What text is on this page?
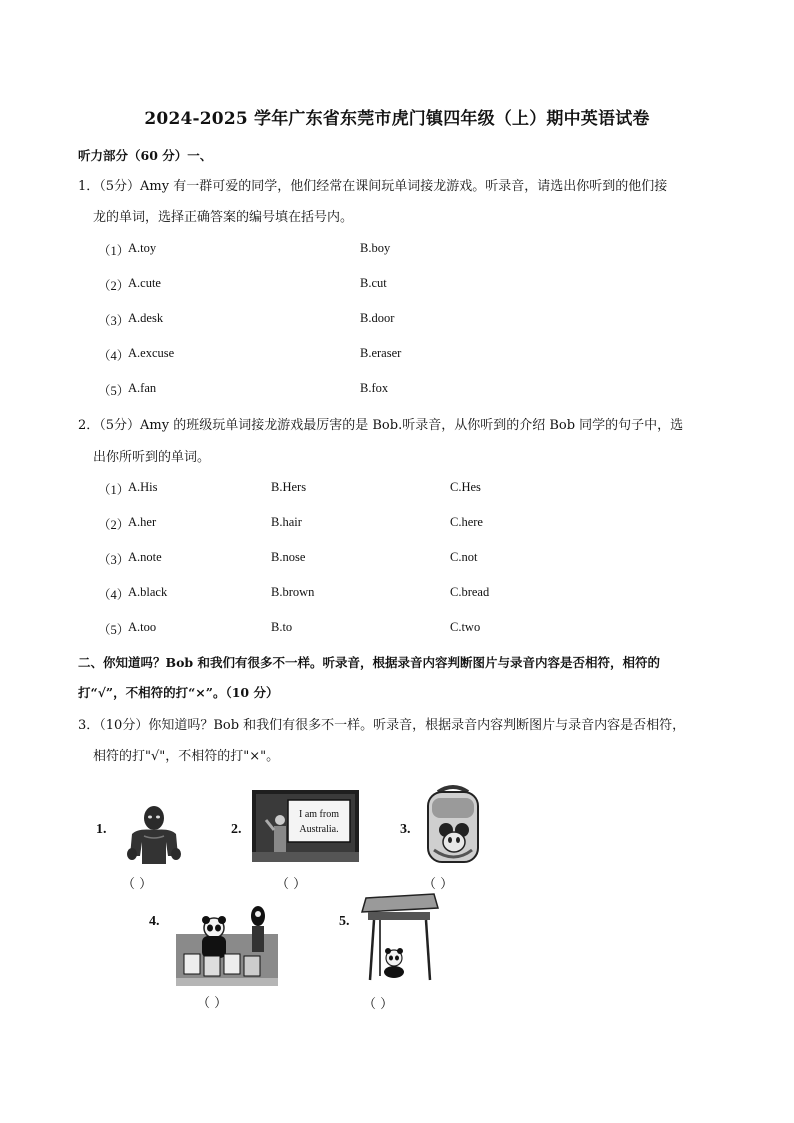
2024-2025 学年广东省东莞市虎门镇四年级（上）期中英语试卷
听力部分（60 分）一、
1．（5分）Amy 有一群可爱的同学，他们经常在课间玩单词接龙游戏。听录音，请选出你听到的他们接
龙的单词，选择正确答案的编号填在括号内。
（1）
A.toy	B.boy
（2）
A.cute	B.cut
（3）
A.desk	B.door
（4）
A.excuse	B.eraser
（5）
A.fan	B.fox
2．（5分）Amy 的班级玩单词接龙游戏最厉害的是 Bob.听录音，从你听到的介绍 Bob 同学的句子中，选
出你所听到的单词。
（1）
A.His	B.Hers	C.Hes
（2）
A.her	B.hair	C.here
（3）
A.note	B.nose	C.not
（4）
A.black	B.brown	C.bread
（5）
A.too	B.to	C.two
二、你知道吗？Bob 和我们有很多不一样。听录音，根据录音内容判断图片与录音内容是否相符，相符的
打“√”，不相符的打“×”。（10 分）
3．（10分）你知道吗？Bob 和我们有很多不一样。听录音，根据录音内容判断图片与录音内容是否相符，
相符的打"√"，不相符的打"×"。
1.
（ ）
2.
I am from
Australia.
（ ）
3.
（ ）
4.
（ ）
5.
（ ）
